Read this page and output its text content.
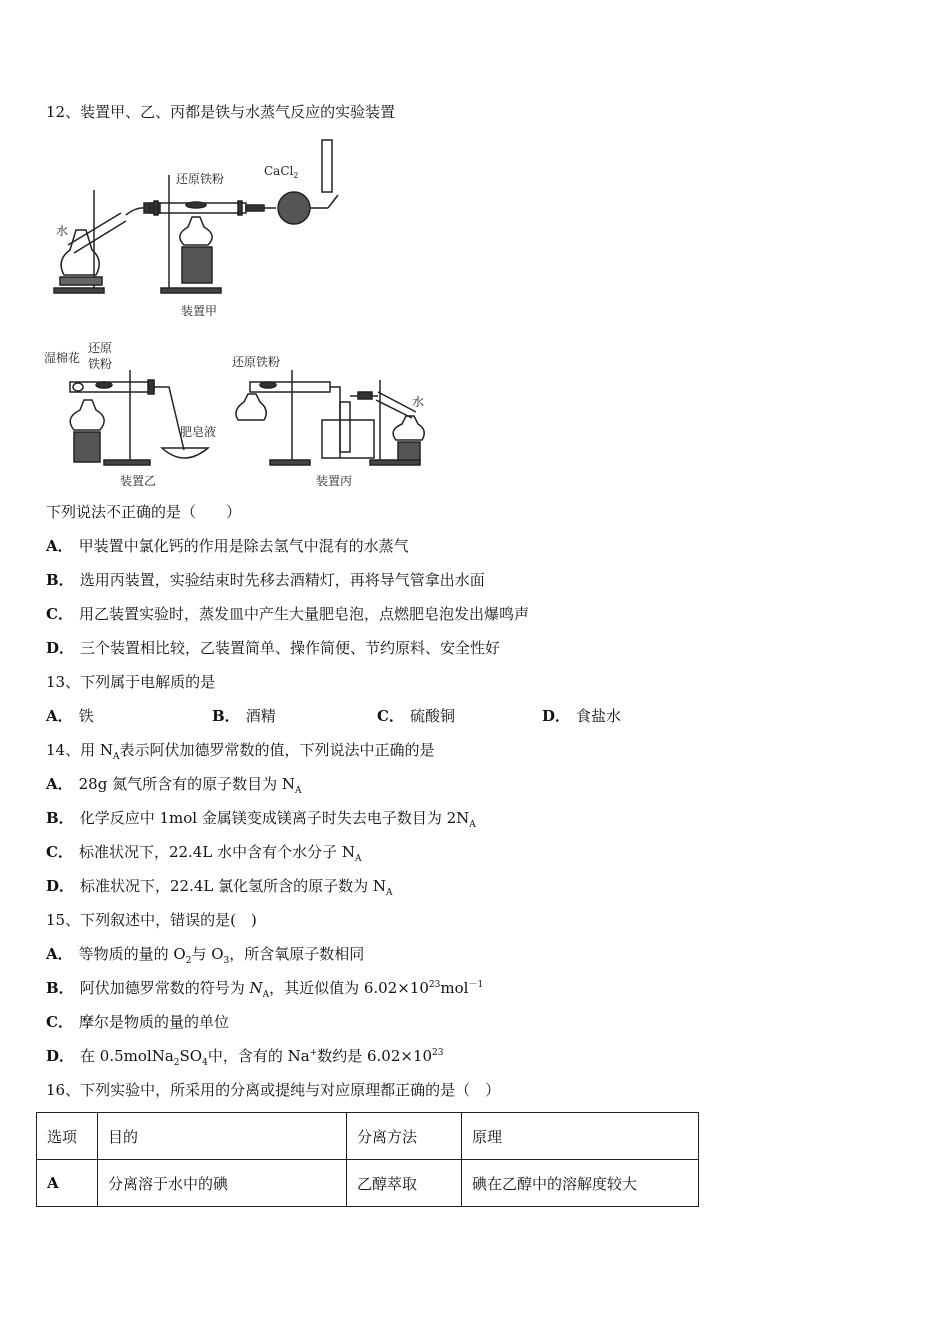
12、装置甲、乙、丙都是铁与水蒸气反应的实验装置
水
还原铁粉
CaCl$_2$
装置甲
湿棉花
还原
铁粉
肥皂液
装置乙
还原铁粉
水
装置丙
下列说法不正确的是（　　）
A． 甲装置中氯化钙的作用是除去氢气中混有的水蒸气
B． 选用丙装置，实验结束时先移去酒精灯，再将导气管拿出水面
C． 用乙装置实验时，蒸发皿中产生大量肥皂泡，点燃肥皂泡发出爆鸣声
D． 三个装置相比较，乙装置简单、操作简便、节约原料、安全性好
13、下列属于电解质的是
A． 铁	B． 酒精	C． 硫酸铜	D． 食盐水
14、用 $N_A$表示阿伏加德罗常数的值，下列说法中正确的是
A． 28g 氮气所含有的原子数目为 $N_A$
B． 化学反应中 1mol 金属镁变成镁离子时失去电子数目为 $2N_A$
C． 标准状况下，22.4L 水中含有个水分子 $N_A$
D． 标准状况下，22.4L 氯化氢所含的原子数为 $N_A$
15、下列叙述中，错误的是(　)
A． 等物质的量的 $O_2$与 $O_3$，所含氧原子数相同
B． 阿伏加德罗常数的符号为 $N_A$，其近似值为 $6.02\times 10^{23}mol^{-1}$
C． 摩尔是物质的量的单位
D． 在 $0.5molNa_2SO_4$中，含有的 Na+数约是 $6.02\times 10^{23}$
16、下列实验中，所采用的分离或提纯与对应原理都正确的是（　）
选项	目的	分离方法	原理
A	分离溶于水中的碘	乙醇萃取	碘在乙醇中的溶解度较大
